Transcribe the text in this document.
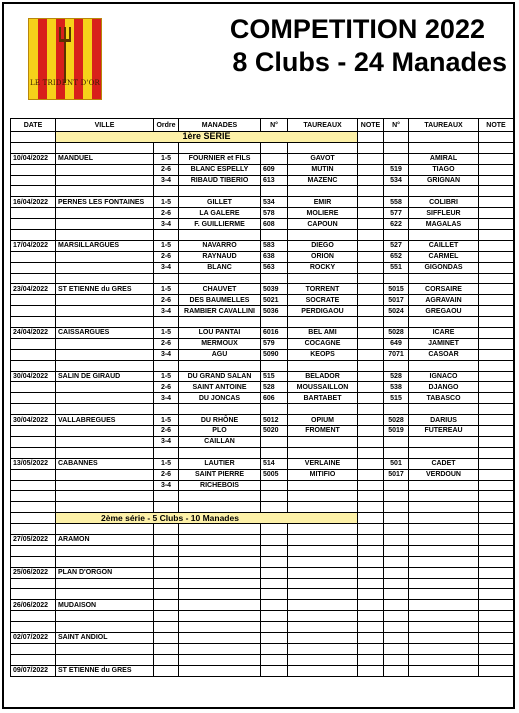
LE TRIDENT D'OR
COMPETITION 2022
8 Clubs - 24 Manades
DATE	VILLE	Ordre	MANADES	N°	TAUREAUX	NOTE	N°	TAUREAUX	NOTE
	1ère SERIE								

10/04/2022	MANDUEL	1-5	FOURNIER et FILS		GAVOT			AMIRAL	
		2-6	BLANC ESPELLY	609	MUTIN		519	TIAGO	
		3-4	RIBAUD TIBERIO	613	MAZENC		534	GRIGNAN	

16/04/2022	PERNES LES FONTAINES	1-5	GILLET	534	EMIR		558	COLIBRI	
		2-6	LA GALERE	578	MOLIERE		577	SIFFLEUR	
		3-4	F. GUILLIERME	608	CAPOUN		622	MAGALAS	

17/04/2022	MARSILLARGUES	1-5	NAVARRO	583	DIEGO		527	CAILLET	
		2-6	RAYNAUD	638	ORION		652	CARMEL	
		3-4	BLANC	563	ROCKY		551	GIGONDAS	

23/04/2022	ST ETIENNE du GRES	1-5	CHAUVET	5039	TORRENT		5015	CORSAIRE	
		2-6	DES BAUMELLES	5021	SOCRATE		5017	AGRAVAIN	
		3-4	RAMBIER CAVALLINI	5036	PERDIGAOU		5024	GREGAOU	

24/04/2022	CAISSARGUES	1-5	LOU PANTAI	6016	BEL AMI		5028	ICARE	
		2-6	MERMOUX	579	COCAGNE		649	JAMINET	
		3-4	AGU	5090	KEOPS		7071	CASOAR	

30/04/2022	SALIN DE GIRAUD	1-5	DU GRAND SALAN	515	BELADOR		528	IGNACO	
		2-6	SAINT ANTOINE	528	MOUSSAILLON		538	DJANGO	
		3-4	DU JONCAS	606	BARTABET		515	TABASCO	

30/04/2022	VALLABREGUES	1-5	DU RHÔNE	5012	OPIUM		5028	DARIUS	
		2-6	PLO	5020	FROMENT		5019	FUTEREAU	
		3-4	CAILLAN						

13/05/2022	CABANNES	1-5	LAUTIER	514	VERLAINE		501	CADET	
		2-6	SAINT PIERRE	5005	MITIFIO		5017	VERDOUN	
		3-4	RICHEBOIS						

	2ème série - 5 Clubs - 10 Manades								

27/05/2022	ARAMON								

25/06/2022	PLAN D'ORGON								

26/06/2022	MUDAISON								

02/07/2022	SAINT ANDIOL								

09/07/2022	ST ETIENNE du GRES								
